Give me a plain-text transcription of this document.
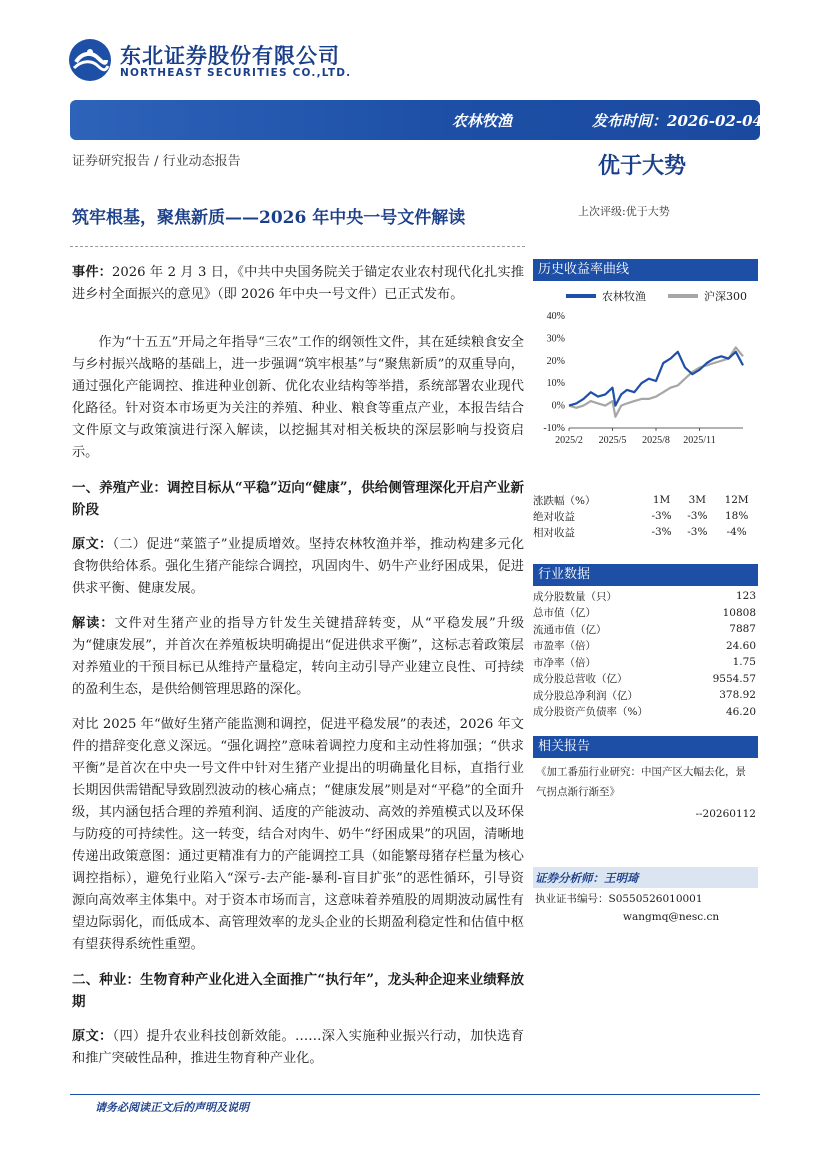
东北证券股份有限公司
NORTHEAST SECURITIES CO.,LTD.
农林牧渔	发布时间：2026-02-04
证券研究报告 / 行业动态报告	优于大势
筑牢根基，聚焦新质——2026 年中央一号文件解读	上次评级:优于大势

事件：2026 年 2 月 3 日，《中共中央国务院关于锚定农业农村现代化扎实推进乡村全面振兴的意见》（即 2026 年中央一号文件）已正式发布。

作为“十五五”开局之年指导“三农”工作的纲领性文件，其在延续粮食安全与乡村振兴战略的基础上，进一步强调“筑牢根基”与“聚焦新质”的双重导向，通过强化产能调控、推进种业创新、优化农业结构等举措，系统部署农业现代化路径。针对资本市场更为关注的养殖、种业、粮食等重点产业，本报告结合文件原文与政策演进行深入解读，以挖掘其对相关板块的深层影响与投资启示。

一、养殖产业：调控目标从“平稳”迈向“健康”，供给侧管理深化开启产业新阶段

原文：（二）促进“菜篮子”业提质增效。坚持农林牧渔并举，推动构建多元化食物供给体系。强化生猪产能综合调控，巩固肉牛、奶牛产业纾困成果，促进供求平衡、健康发展。

解读：文件对生猪产业的指导方针发生关键措辞转变，从“平稳发展”升级为“健康发展”，并首次在养殖板块明确提出“促进供求平衡”，这标志着政策层对养殖业的干预目标已从维持产量稳定，转向主动引导产业建立良性、可持续的盈利生态，是供给侧管理思路的深化。

对比 2025 年“做好生猪产能监测和调控，促进平稳发展”的表述，2026 年文件的措辞变化意义深远。“强化调控”意味着调控力度和主动性将加强；“供求平衡”是首次在中央一号文件中针对生猪产业提出的明确量化目标，直指行业长期因供需错配导致剧烈波动的核心痛点；“健康发展”则是对“平稳”的全面升级，其内涵包括合理的养殖利润、适度的产能波动、高效的养殖模式以及环保与防疫的可持续性。这一转变，结合对肉牛、奶牛“纾困成果”的巩固，清晰地传递出政策意图：通过更精准有力的产能调控工具（如能繁母猪存栏量为核心调控指标），避免行业陷入“深亏-去产能-暴利-盲目扩张”的恶性循环，引导资源向高效率主体集中。对于资本市场而言，这意味着养殖股的周期波动属性有望边际弱化，而低成本、高管理效率的龙头企业的长期盈利稳定性和估值中枢有望获得系统性重塑。

二、种业：生物育种产业化进入全面推广“执行年”，龙头种企迎来业绩释放期

原文：（四）提升农业科技创新效能。……深入实施种业振兴行动，加快选育和推广突破性品种，推进生物育种产业化。

历史收益率曲线
农林牧渔	沪深300
40%
30%
20%
10%
0%
-10%
2025/2 2025/5 2025/8 2025/11
涨跌幅（%）	1M	3M	12M
绝对收益	-3%	-3%	18%
相对收益	-3%	-3%	-4%
行业数据
成分股数量（只）	123
总市值（亿）	10808
流通市值（亿）	7887
市盈率（倍）	24.60
市净率（倍）	1.75
成分股总营收（亿）	9554.57
成分股总净利润（亿）	378.92
成分股资产负债率（%）	46.20
相关报告
《加工番茄行业研究：中国产区大幅去化，景气拐点渐行渐至》
--20260112
证券分析师：王明琦
执业证书编号：S0550526010001
wangmq@nesc.cn
请务必阅读正文后的声明及说明
